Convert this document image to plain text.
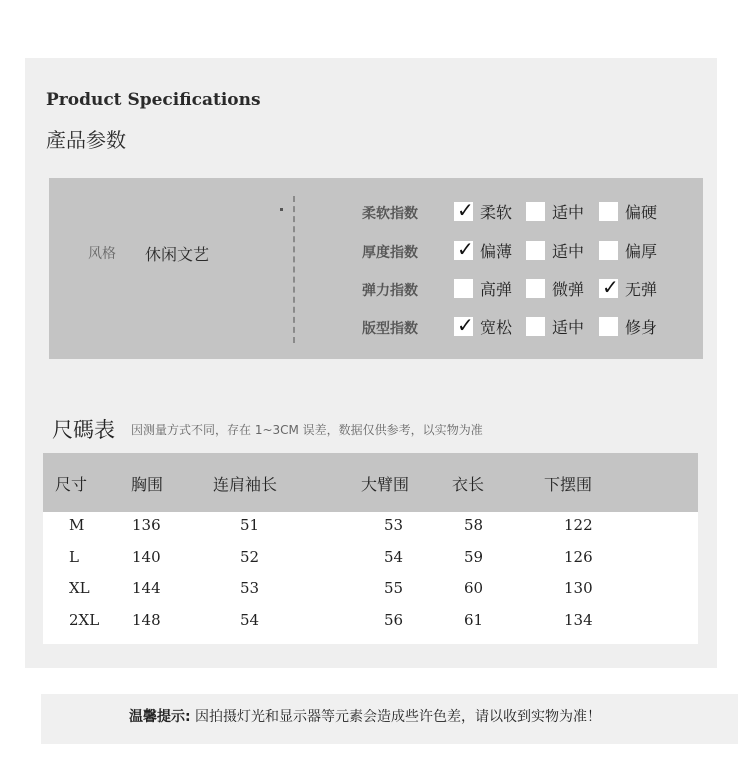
Product Specifications
產品参数
风格 休闲文艺
柔软指数 ✓ 柔软 适中	偏硬
厚度指数 ✓ 偏薄 适中	偏厚
弹力指数	高弹 微弹 ✓ 无弹
版型指数 ✓ 宽松 适中	修身
尺碼表 因测量方式不同，存在 1~3CM 误差，数据仅供参考，以实物为准
尺寸	胸围	连肩袖长	大臂围	衣长	下摆围
M	136	51	53	58	122
L	140	52	54	59	126
XL	144	53	55	60	130
2XL 148	54	56	61	134
温馨提示: 因拍摄灯光和显示器等元素会造成些许色差，请以收到实物为准！
